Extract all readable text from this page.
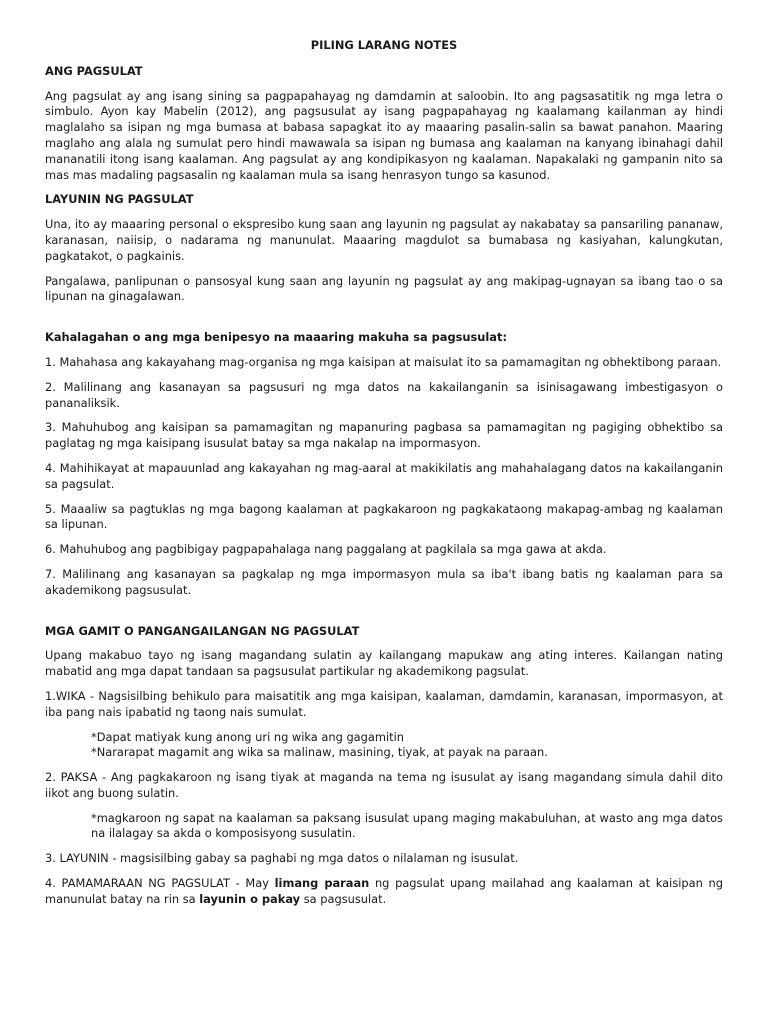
PILING LARANG NOTES
ANG PAGSULAT

Ang pagsulat ay ang isang sining sa pagpapahayag ng damdamin at saloobin. Ito ang pagsasatitik ng mga letra o simbulo. Ayon kay Mabelin (2012), ang pagsusulat ay isang pagpapahayag ng kaalamang kailanman ay hindi maglalaho sa isipan ng mga bumasa at babasa sapagkat ito ay maaaring pasalin-salin sa bawat panahon. Maaring maglaho ang alala ng sumulat pero hindi mawawala sa isipan ng bumasa ang kaalaman na kanyang ibinahagi dahil mananatili itong isang kaalaman. Ang pagsulat ay ang kondipikasyon ng kaalaman. Napakalaki ng gampanin nito sa mas mas madaling pagsasalin ng kaalaman mula sa isang henrasyon tungo sa kasunod.

LAYUNIN NG PAGSULAT

Una, ito ay maaaring personal o ekspresibo kung saan ang layunin ng pagsulat ay nakabatay sa pansariling pananaw, karanasan, naiisip, o nadarama ng manunulat. Maaaring magdulot sa bumabasa ng kasiyahan, kalungkutan, pagkatakot, o pagkainis.

Pangalawa, panlipunan o pansosyal kung saan ang layunin ng pagsulat ay ang makipag-ugnayan sa ibang tao o sa lipunan na ginagalawan.

Kahalagahan o ang mga benipesyo na maaaring makuha sa pagsusulat:

1. Mahahasa ang kakayahang mag-organisa ng mga kaisipan at maisulat ito sa pamamagitan ng obhektibong paraan.

2. Malilinang ang kasanayan sa pagsusuri ng mga datos na kakailanganin sa isinisagawang imbestigasyon o pananaliksik.

3. Mahuhubog ang kaisipan sa pamamagitan ng mapanuring pagbasa sa pamamagitan ng pagiging obhektibo sa paglatag ng mga kaisipang isusulat batay sa mga nakalap na impormasyon.

4. Mahihikayat at mapauunlad ang kakayahan ng mag-aaral at makikilatis ang mahahalagang datos na kakailanganin sa pagsulat.

5. Maaaliw sa pagtuklas ng mga bagong kaalaman at pagkakaroon ng pagkakataong makapag-ambag ng kaalaman sa lipunan.

6. Mahuhubog ang pagbibigay pagpapahalaga nang paggalang at pagkilala sa mga gawa at akda.

7. Malilinang ang kasanayan sa pagkalap ng mga impormasyon mula sa iba't ibang batis ng kaalaman para sa akademikong pagsusulat.

MGA GAMIT O PANGANGAILANGAN NG PAGSULAT

Upang makabuo tayo ng isang magandang sulatin ay kailangang mapukaw ang ating interes. Kailangan nating mabatid ang mga dapat tandaan sa pagsusulat partikular ng akademikong pagsulat.

1.WIKA - Nagsisilbing behikulo para maisatitik ang mga kaisipan, kaalaman, damdamin, karanasan, impormasyon, at iba pang nais ipabatid ng taong nais sumulat.

*Dapat matiyak kung anong uri ng wika ang gagamitin

*Nararapat magamit ang wika sa malinaw, masining, tiyak, at payak na paraan.

2. PAKSA - Ang pagkakaroon ng isang tiyak at maganda na tema ng isusulat ay isang magandang simula dahil dito iikot ang buong sulatin.

*magkaroon ng sapat na kaalaman sa paksang isusulat upang maging makabuluhan, at wasto ang mga datos na ilalagay sa akda o komposisyong susulatin.

3. LAYUNIN - magsisilbing gabay sa paghabi ng mga datos o nilalaman ng isusulat.

4. PAMAMARAAN NG PAGSULAT - May limang paraan ng pagsulat upang mailahad ang kaalaman at kaisipan ng manunulat batay na rin sa layunin o pakay sa pagsusulat.
